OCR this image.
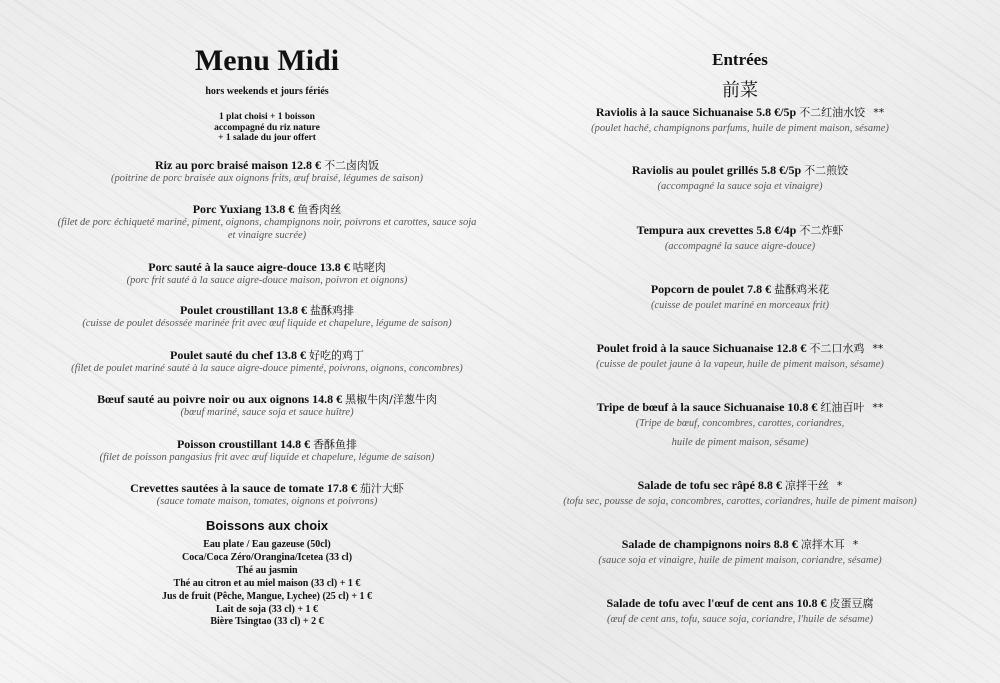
Menu Midi
hors weekends et jours fériés
1 plat choisi + 1 boisson
accompagné du riz nature
+ 1 salade du jour offert
Riz au porc braisé maison 12.8 € 不二卤肉饭
(poitrine de porc braisée aux oignons frits, œuf braisé, légumes de saison)
Porc Yuxiang 13.8 € 鱼香肉丝
(filet de porc échiqueté mariné, piment, oignons, champignons noir, poivrons et carottes, sauce soja
et vinaigre sucrée)
Porc sauté à la sauce aigre-douce 13.8 € 咕咾肉
(porc frit sauté à la sauce aigre-douce maison, poivron et oignons)
Poulet croustillant 13.8 € 盐酥鸡排
(cuisse de poulet désossée marinée frit avec œuf liquide et chapelure, légume de saison)
Poulet sauté du chef 13.8 € 好吃的鸡丁
(filet de poulet mariné sauté à la sauce aigre-douce pimenté, poivrons, oignons, concombres)
Bœuf sauté au poivre noir ou aux oignons 14.8 € 黑椒牛肉/洋葱牛肉
(bœuf mariné, sauce soja et sauce huître)
Poisson croustillant 14.8 € 香酥鱼排
(filet de poisson pangasius frit avec œuf liquide et chapelure, légume de saison)
Crevettes sautées à la sauce de tomate 17.8 € 茄汁大虾
(sauce tomate maison, tomates, oignons et poivrons)
Raviolis à la sauce Sichuanaise 5.8 €/5p 不二红油水饺 **
(poulet haché, champignons parfums, huile de piment maison, sésame)
Raviolis au poulet grillés 5.8 €/5p 不二煎饺
(accompagné la sauce soja et vinaigre)
Tempura aux crevettes 5.8 €/4p 不二炸虾
(accompagné la sauce aigre-douce)
Popcorn de poulet 7.8 € 盐酥鸡米花
(cuisse de poulet mariné en morceaux frit)
Poulet froid à la sauce Sichuanaise 12.8 € 不二口水鸡 **
(cuisse de poulet jaune à la vapeur, huile de piment maison, sésame)
Tripe de bœuf à la sauce Sichuanaise 10.8 € 红油百叶 **
(Tripe de bœuf, concombres, carottes, coriandres,
huile de piment maison, sésame)
Salade de tofu sec râpé 8.8 € 凉拌干丝 *
(tofu sec, pousse de soja, concombres, carottes, coriandres, huile de piment maison)
Salade de champignons noirs 8.8 € 凉拌木耳 *
(sauce soja et vinaigre, huile de piment maison, coriandre, sésame)
Salade de tofu avec l'œuf de cent ans 10.8 € 皮蛋豆腐
(œuf de cent ans, tofu, sauce soja, coriandre, l'huile de sésame)
Boissons aux choix
Eau plate / Eau gazeuse (50cl)
Coca/Coca Zéro/Orangina/Icetea (33 cl)
Thé au jasmin
Thé au citron et au miel maison (33 cl) + 1 €
Jus de fruit (Pêche, Mangue, Lychee) (25 cl) + 1 €
Lait de soja (33 cl) + 1 €
Bière Tsingtao (33 cl) + 2 €
Entrées
前菜
